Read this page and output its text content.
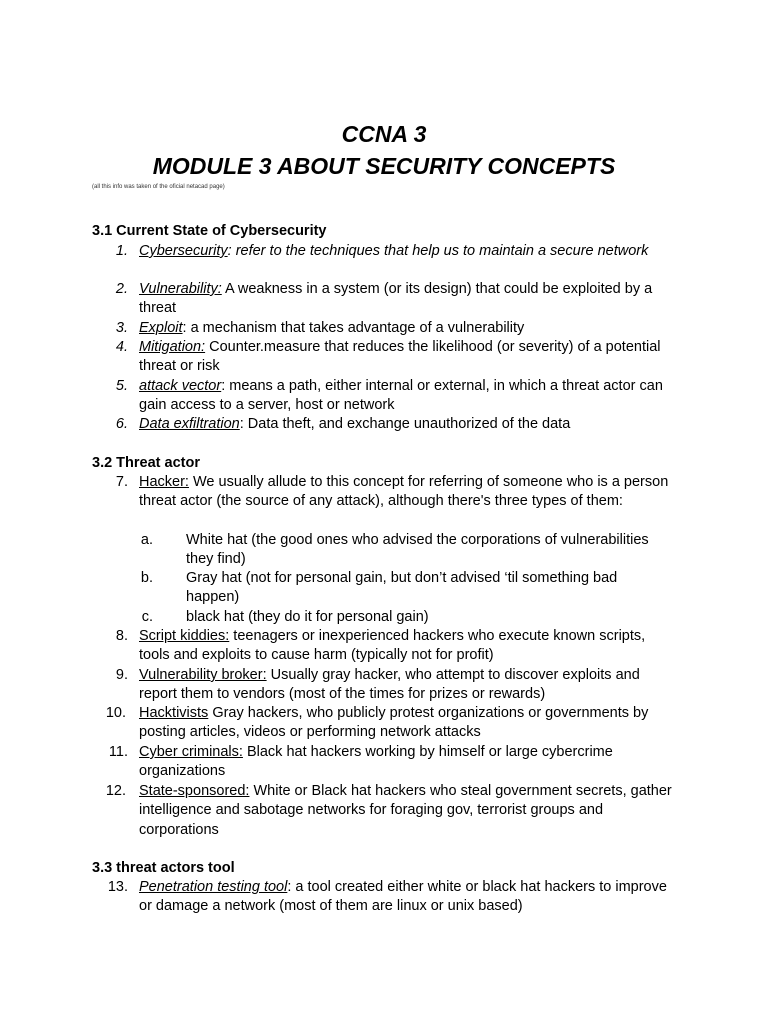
CCNA 3
MODULE 3 ABOUT SECURITY CONCEPTS
(all this info was taken of the oficial netacad page)
3.1 Current State of Cybersecurity
1. Cybersecurity: refer to the techniques that help us to maintain a secure network
2. Vulnerability: A weakness in a system (or its design) that could be exploited by a threat
3. Exploit: a mechanism that takes advantage of a vulnerability
4. Mitigation: Counter.measure that reduces the likelihood (or severity) of a potential threat or risk
5. attack vector: means a path, either internal or external, in which a threat actor can gain access to a server, host or network
6. Data exfiltration: Data theft, and exchange unauthorized of the data
3.2 Threat actor
7. Hacker: We usually allude to this concept for referring of someone who is a person threat actor (the source of any attack), although there's three types of them:
a. White hat (the good ones who advised the corporations of vulnerabilities they find)
b. Gray hat (not for personal gain, but don’t advised ‘til something bad happen)
c. black hat (they do it for personal gain)
8. Script kiddies: teenagers or inexperienced hackers who execute known scripts, tools and exploits to cause harm (typically not for profit)
9. Vulnerability broker: Usually gray hacker, who attempt to discover exploits and report them to vendors (most of the times for prizes or rewards)
10. Hacktivists Gray hackers, who publicly protest organizations or governments by posting articles, videos or performing network attacks
11. Cyber criminals: Black hat hackers working by himself or large cybercrime organizations
12. State-sponsored: White or Black hat hackers who steal government secrets, gather intelligence and sabotage networks for foraging gov, terrorist groups and corporations
3.3 threat actors tool
13. Penetration testing tool: a tool created either white or black hat hackers to improve or damage a network (most of them are linux or unix based)
